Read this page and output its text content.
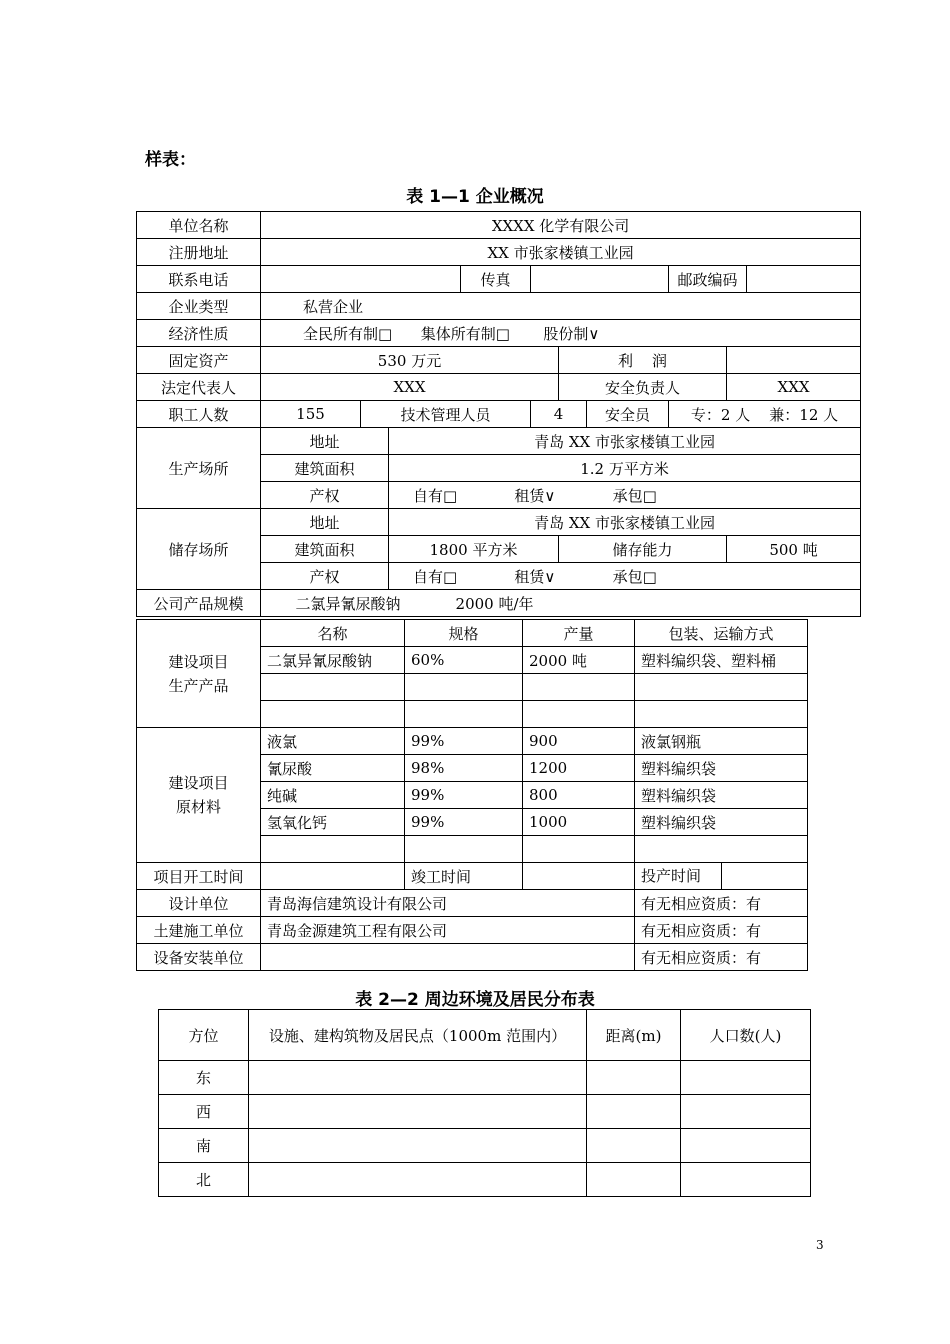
样表：
表 1—1 企业概况
单位名称	XXXX 化学有限公司									
注册地址	XX 市张家楼镇工业园									
联系电话				传真				邮政编码		
企业类型	私营企业									
经济性质	全民所有制□      集体所有制□       股份制∨									
固定资产	530 万元					利    润				
法定代表人	XXX					安全负责人			XXX	
职工人数	155	技术管理人员			4		安全员	专：2 人    兼：12 人		
生产场所	地址		青岛 XX 市张家楼镇工业园							
	建筑面积		1.2 万平方米							
	产权		自有□            租赁∨            承包□							
储存场所	地址		青岛 XX 市张家楼镇工业园							
	建筑面积		1800 平方米			储存能力			500 吨	
	产权		自有□            租赁∨            承包□							
公司产品规模	二氯异氰尿酸钠 2000 吨/年									
建设项目
生产产品	名称	规格	产量	包装、运输方式
	二氯异氰尿酸钠	60%	2000 吨	塑料编织袋、塑料桶

建设项目
原材料	液氯	99%	900	液氯钢瓶
	氰尿酸	98%	1200	塑料编织袋
	纯碱	99%	800	塑料编织袋
	氢氧化钙	99%	1000	塑料编织袋

项目开工时间		竣工时间		投产时间
设计单位	青岛海信建筑设计有限公司			有无相应资质：有
土建施工单位	青岛金源建筑工程有限公司			有无相应资质：有
设备安装单位				有无相应资质：有
表 2—2 周边环境及居民分布表
方位	设施、建构筑物及居民点（1000m 范围内）	距离(m)	人口数(人)
东			
西			
南			
北			
3
